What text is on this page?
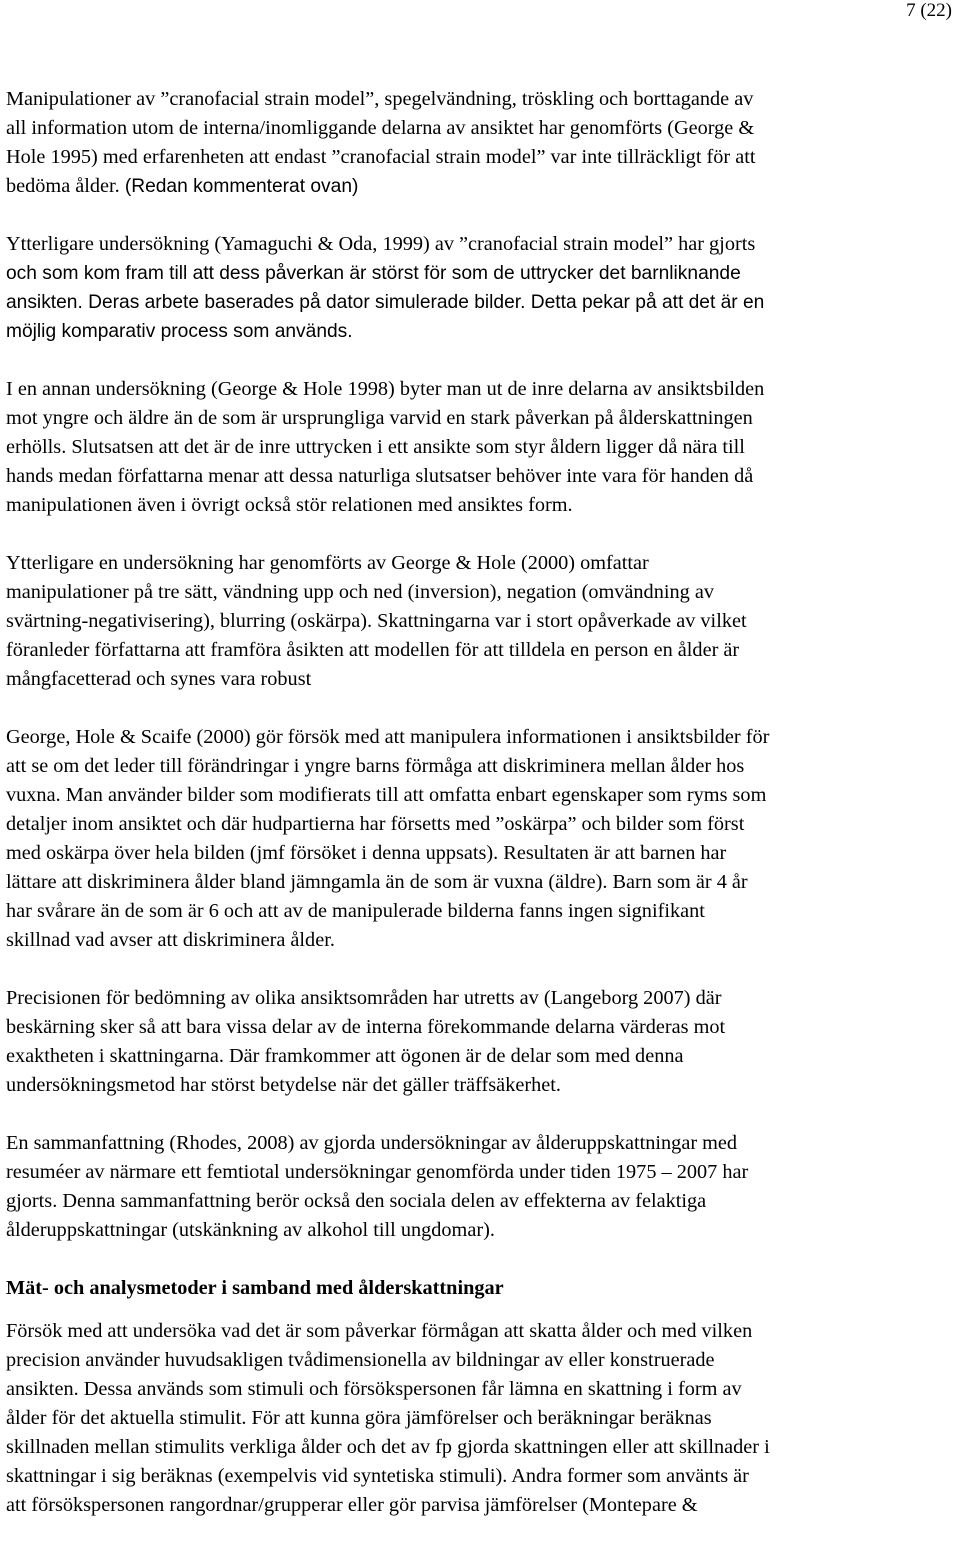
7 (22)

Manipulationer av ”cranofacial strain model”, spegelvändning, tröskling och borttagande av
all information utom de interna/inomliggande delarna av ansiktet har genomförts (George &
Hole 1995) med erfarenheten att endast ”cranofacial strain model” var inte tillräckligt för att
bedöma ålder. (Redan kommenterat ovan)

Ytterligare undersökning (Yamaguchi & Oda, 1999) av ”cranofacial strain model” har gjorts
och som kom fram till att dess påverkan är störst för som de uttrycker det barnliknande
ansikten. Deras arbete baserades på dator simulerade bilder. Detta pekar på att det är en
möjlig komparativ process som används.

I en annan undersökning (George & Hole 1998) byter man ut de inre delarna av ansiktsbilden
mot yngre och äldre än de som är ursprungliga varvid en stark påverkan på ålderskattningen
erhölls. Slutsatsen att det är de inre uttrycken i ett ansikte som styr åldern ligger då nära till
hands medan författarna menar att dessa naturliga slutsatser behöver inte vara för handen då
manipulationen även i övrigt också stör relationen med ansiktes form.

Ytterligare en undersökning har genomförts av George & Hole (2000) omfattar
manipulationer på tre sätt, vändning upp och ned (inversion), negation (omvändning av
svärtning-negativisering), blurring (oskärpa). Skattningarna var i stort opåverkade av vilket
föranleder författarna att framföra åsikten att modellen för att tilldela en person en ålder är
mångfacetterad och synes vara robust

George, Hole & Scaife (2000) gör försök med att manipulera informationen i ansiktsbilder för
att se om det leder till förändringar i yngre barns förmåga att diskriminera mellan ålder hos
vuxna. Man använder bilder som modifierats till att omfatta enbart egenskaper som ryms som
detaljer inom ansiktet och där hudpartierna har försetts med ”oskärpa” och bilder som först
med oskärpa över hela bilden (jmf försöket i denna uppsats). Resultaten är att barnen har
lättare att diskriminera ålder bland jämngamla än de som är vuxna (äldre). Barn som är 4 år
har svårare än de som är 6 och att av de manipulerade bilderna fanns ingen signifikant
skillnad vad avser att diskriminera ålder.

Precisionen för bedömning av olika ansiktsområden har utretts av (Langeborg 2007) där
beskärning sker så att bara vissa delar av de interna förekommande delarna värderas mot
exaktheten i skattningarna. Där framkommer att ögonen är de delar som med denna
undersökningsmetod har störst betydelse när det gäller träffsäkerhet.

En sammanfattning (Rhodes, 2008) av gjorda undersökningar av ålderuppskattningar med
resuméer av närmare ett femtiotal undersökningar genomförda under tiden 1975 – 2007 har
gjorts. Denna sammanfattning berör också den sociala delen av effekterna av felaktiga
ålderuppskattningar (utskänkning av alkohol till ungdomar).

Mät- och analysmetoder i samband med ålderskattningar

Försök med att undersöka vad det är som påverkar förmågan att skatta ålder och med vilken
precision använder huvudsakligen tvådimensionella av bildningar av eller konstruerade
ansikten. Dessa används som stimuli och försökspersonen får lämna en skattning i form av
ålder för det aktuella stimulit. För att kunna göra jämförelser och beräkningar beräknas
skillnaden mellan stimulits verkliga ålder och det av fp gjorda skattningen eller att skillnader i
skattningar i sig beräknas (exempelvis vid syntetiska stimuli). Andra former som använts är
att försökspersonen rangordnar/grupperar eller gör parvisa jämförelser (Montepare &
